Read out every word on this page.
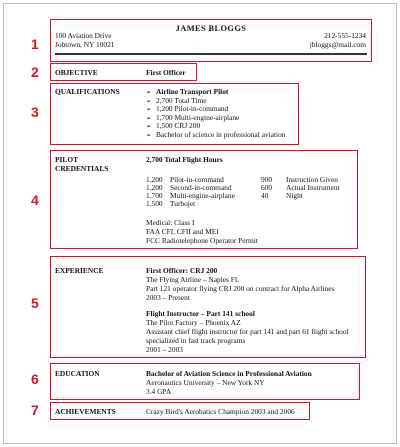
1
JAMES BLOGGS
100 Aviation Drive
Jobtown, NY 10021
212-555-1234
jbloggs@mail.com
2 OBJECTIVE	First Officer
3
QUALIFICATIONS
➢	Airline Transport Pilot
➢ 2,700 Total Time
➢ 1,200 Pilot-in-command
➢ 1,700 Multi-engine-airplane
➢ 1,500 CRJ 200
➢ Bachelor of science in professional aviation
4
PILOT
CREDENTIALS
2,700 Total Flight Hours
1,200 Pilot-in-command	900 Instruction Given
1,200 Second-in-command	600 Actual Instrument
1,700 Multi-engine-airplane	40 Night
1,500 Turbojet
Medical: Class I
FAA CFI, CFII and MEI
FCC Radiotelephone Operator Permit
5
EXPERIENCE	First Officer: CRJ 200
The Flying Airline – Naples FL
Part 121 operator flying CRJ 200 on contract for Alpha Airlines
2003 – Present
Flight Instructor – Part 141 school
The Pilot Factory – Phoenix AZ
Assistant chief flight instructor for part 141 and part 61 flight school
specialized in fast track programs
2001 – 2003
6 EDUCATION	Bachelor of Aviation Science in Professional Aviation
Aeronautics University – New York NY
3.4 GPA
7 ACHIEVEMENTS	Crazy Bird's Aerobatics Champion 2003 and 2006
